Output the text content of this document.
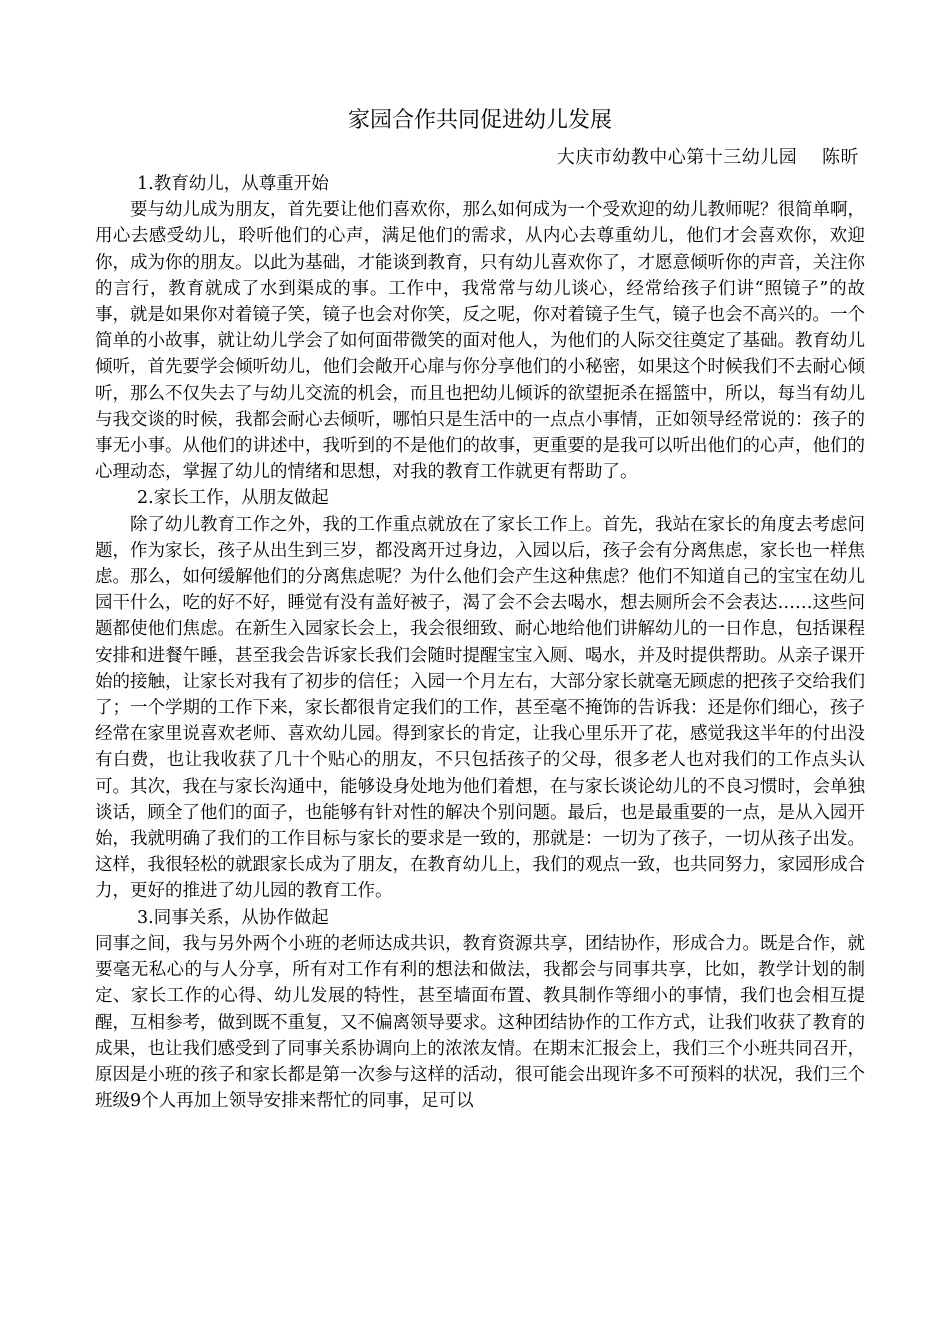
家园合作共同促进幼儿发展

大庆市幼教中心第十三幼儿园　 陈昕

1.教育幼儿，从尊重开始

要与幼儿成为朋友，首先要让他们喜欢你，那么如何成为一个受欢迎的幼儿教师呢？很简单啊，用心去感受幼儿，聆听他们的心声，满足他们的需求，从内心去尊重幼儿，他们才会喜欢你，欢迎你，成为你的朋友。以此为基础，才能谈到教育，只有幼儿喜欢你了，才愿意倾听你的声音，关注你的言行，教育就成了水到渠成的事。工作中，我常常与幼儿谈心，经常给孩子们讲“照镜子”的故事，就是如果你对着镜子笑，镜子也会对你笑，反之呢，你对着镜子生气，镜子也会不高兴的。一个简单的小故事，就让幼儿学会了如何面带微笑的面对他人，为他们的人际交往奠定了基础。教育幼儿倾听，首先要学会倾听幼儿，他们会敞开心扉与你分享他们的小秘密，如果这个时候我们不去耐心倾听，那么不仅失去了与幼儿交流的机会，而且也把幼儿倾诉的欲望扼杀在摇篮中，所以，每当有幼儿与我交谈的时候，我都会耐心去倾听，哪怕只是生活中的一点点小事情，正如领导经常说的：孩子的事无小事。从他们的讲述中，我听到的不是他们的故事，更重要的是我可以听出他们的心声，他们的心理动态，掌握了幼儿的情绪和思想，对我的教育工作就更有帮助了。

2.家长工作，从朋友做起

除了幼儿教育工作之外，我的工作重点就放在了家长工作上。首先，我站在家长的角度去考虑问题，作为家长，孩子从出生到三岁，都没离开过身边，入园以后，孩子会有分离焦虑，家长也一样焦虑。那么，如何缓解他们的分离焦虑呢？为什么他们会产生这种焦虑？他们不知道自己的宝宝在幼儿园干什么，吃的好不好，睡觉有没有盖好被子，渴了会不会去喝水，想去厕所会不会表达……这些问题都使他们焦虑。在新生入园家长会上，我会很细致、耐心地给他们讲解幼儿的一日作息，包括课程安排和进餐午睡，甚至我会告诉家长我们会随时提醒宝宝入厕、喝水，并及时提供帮助。从亲子课开始的接触，让家长对我有了初步的信任；入园一个月左右，大部分家长就毫无顾虑的把孩子交给我们了；一个学期的工作下来，家长都很肯定我们的工作，甚至毫不掩饰的告诉我：还是你们细心，孩子经常在家里说喜欢老师、喜欢幼儿园。得到家长的肯定，让我心里乐开了花，感觉我这半年的付出没有白费，也让我收获了几十个贴心的朋友，不只包括孩子的父母，很多老人也对我们的工作点头认可。其次，我在与家长沟通中，能够设身处地为他们着想，在与家长谈论幼儿的不良习惯时，会单独谈话，顾全了他们的面子，也能够有针对性的解决个别问题。最后，也是最重要的一点，是从入园开始，我就明确了我们的工作目标与家长的要求是一致的，那就是：一切为了孩子，一切从孩子出发。这样，我很轻松的就跟家长成为了朋友，在教育幼儿上，我们的观点一致，也共同努力，家园形成合力，更好的推进了幼儿园的教育工作。

3.同事关系，从协作做起

同事之间，我与另外两个小班的老师达成共识，教育资源共享，团结协作，形成合力。既是合作，就要毫无私心的与人分享，所有对工作有利的想法和做法，我都会与同事共享，比如，教学计划的制定、家长工作的心得、幼儿发展的特性，甚至墙面布置、教具制作等细小的事情，我们也会相互提醒，互相参考，做到既不重复，又不偏离领导要求。这种团结协作的工作方式，让我们收获了教育的成果，也让我们感受到了同事关系协调向上的浓浓友情。在期末汇报会上，我们三个小班共同召开，原因是小班的孩子和家长都是第一次参与这样的活动，很可能会出现许多不可预料的状况，我们三个班级9个人再加上领导安排来帮忙的同事，足可以
